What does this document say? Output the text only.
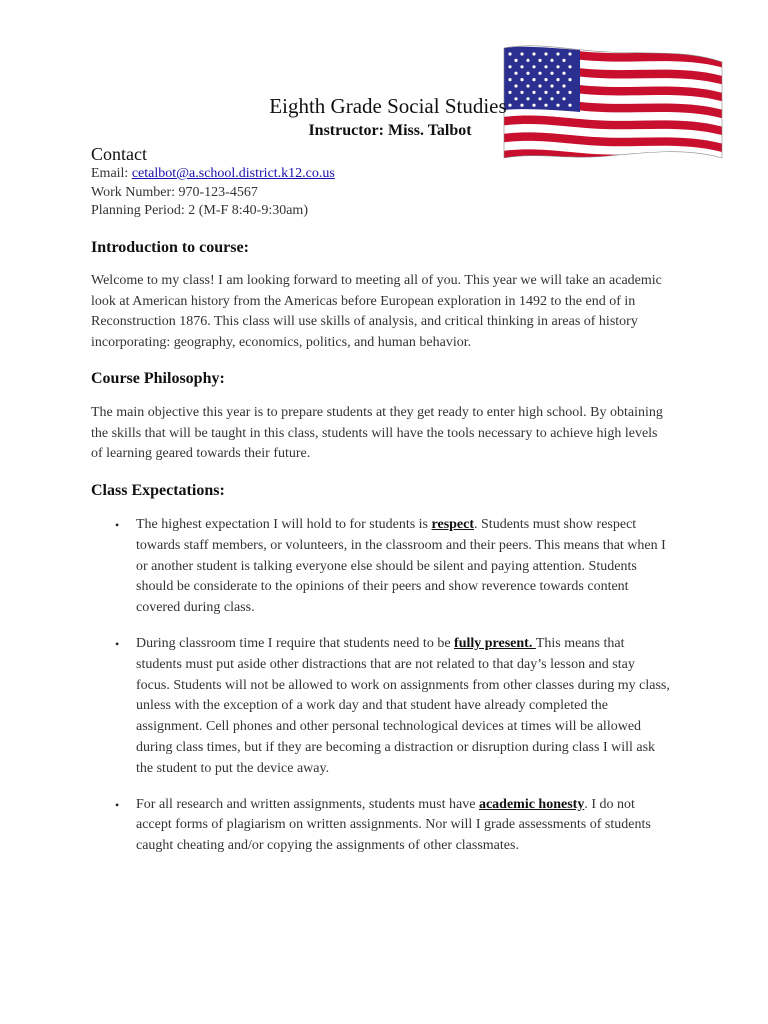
Eighth Grade Social Studies
Instructor: Miss. Talbot
Contact
Email: cetalbot@a.school.district.k12.co.us
Work Number: 970-123-4567
Planning Period: 2 (M-F 8:40-9:30am)
Introduction to course:
Welcome to my class! I am looking forward to meeting all of you. This year we will take an academic look at American history from the Americas before European exploration in 1492 to the end of in Reconstruction 1876. This class will use skills of analysis, and critical thinking in areas of history incorporating: geography, economics, politics, and human behavior.
Course Philosophy:
The main objective this year is to prepare students at they get ready to enter high school. By obtaining the skills that will be taught in this class, students will have the tools necessary to achieve high levels of learning geared towards their future.
Class Expectations:
• The highest expectation I will hold to for students is respect. Students must show respect towards staff members, or volunteers, in the classroom and their peers. This means that when I or another student is talking everyone else should be silent and paying attention. Students should be considerate to the opinions of their peers and show reverence towards content covered during class.
• During classroom time I require that students need to be fully present. This means that students must put aside other distractions that are not related to that day’s lesson and stay focus. Students will not be allowed to work on assignments from other classes during my class, unless with the exception of a work day and that student have already completed the assignment. Cell phones and other personal technological devices at times will be allowed during class times, but if they are becoming a distraction or disruption during class I will ask the student to put the device away.
• For all research and written assignments, students must have academic honesty. I do not accept forms of plagiarism on written assignments. Nor will I grade assessments of students caught cheating and/or copying the assignments of other classmates.
